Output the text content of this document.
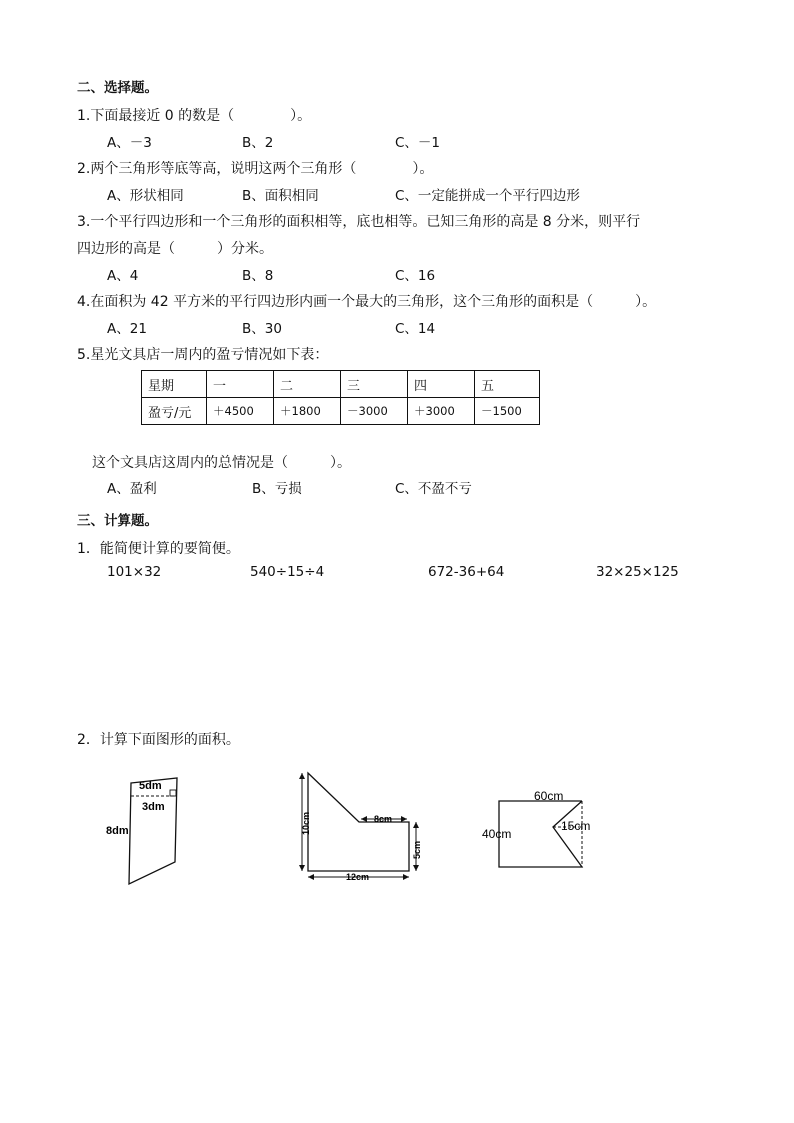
二、选择题。
1.下面最接近 0 的数是（　　　　）。
A、－3	B、2	C、－1
2.两个三角形等底等高，说明这两个三角形（　　　　）。
A、形状相同	B、面积相同	C、一定能拼成一个平行四边形
3.一个平行四边形和一个三角形的面积相等，底也相等。已知三角形的高是 8 分米，则平行
四边形的高是（　　　）分米。
A、4	B、8	C、16
4.在面积为 42 平方米的平行四边形内画一个最大的三角形，这个三角形的面积是（　　　）。
A、21	B、30	C、14
5.星光文具店一周内的盈亏情况如下表：
星期	一	二	三	四	五
盈亏/元	＋4500	＋1800	－3000	＋3000	－1500
这个文具店这周内的总情况是（　　　）。
A、盈利	B、亏损	C、不盈不亏
三、计算题。
1．能简便计算的要简便。
101×32	540÷15÷4	672-36+64	32×25×125
2．计算下面图形的面积。
5dm
3dm
8dm	10cm	8cm
5cm
12cm
60cm
40cm
15cm
